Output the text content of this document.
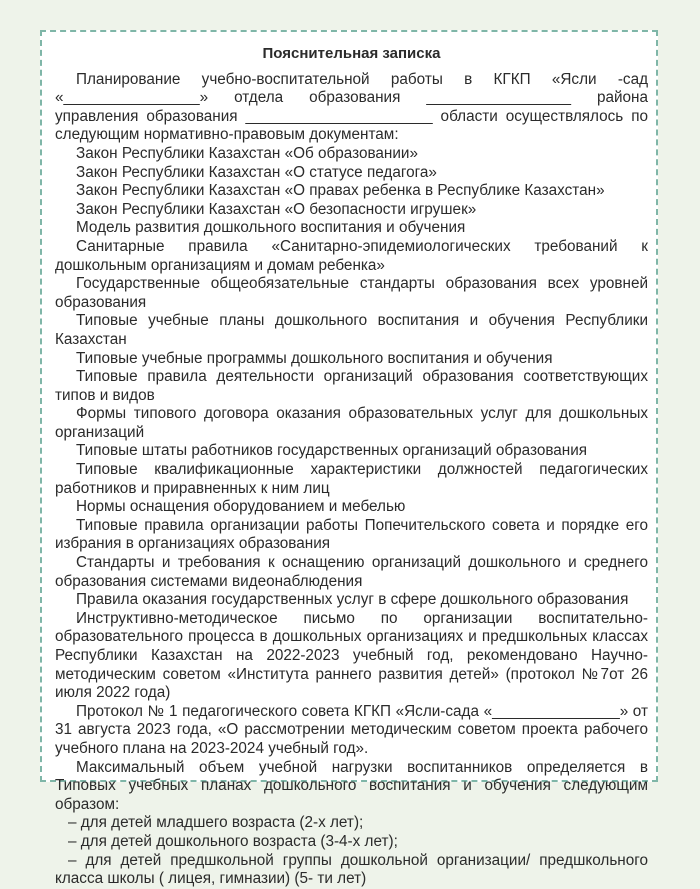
Пояснительная записка

Планирование учебно-воспитательной работы в КГКП «Ясли -сад «________________» отдела образования _________________ района управления образования ______________________ области осуществлялось по следующим нормативно-правовым документам:

Закон Республики Казахстан «Об образовании»

Закон Республики Казахстан «О статусе педагога»

Закон Республики Казахстан «О правах ребенка в Республике Казахстан»

Закон Республики Казахстан «О безопасности игрушек»

Модель развития дошкольного воспитания и обучения

Санитарные правила «Санитарно-эпидемиологических требований к дошкольным организациям и домам ребенка»

Государственные общеобязательные стандарты образования всех уровней образования

Типовые учебные планы дошкольного воспитания и обучения Республики Казахстан

Типовые учебные программы дошкольного воспитания и обучения

Типовые правила деятельности организаций образования соответствующих типов и видов

Формы типового договора оказания образовательных услуг для дошкольных организаций

Типовые штаты работников государственных организаций образования

Типовые квалификационные характеристики должностей педагогических работников и приравненных к ним лиц

Нормы оснащения оборудованием и мебелью

Типовые правила организации работы Попечительского совета и порядке его избрания в организациях образования

Стандарты и требования к оснащению организаций дошкольного и среднего образования системами видеонаблюдения

Правила оказания государственных услуг в сфере дошкольного образования

Инструктивно-методическое письмо по организации воспитательно-образовательного процесса в дошкольных организациях и предшкольных классах Республики Казахстан на 2022-2023 учебный год, рекомендовано Научно-методическим советом «Института раннего развития детей» (протокол №7от 26 июля 2022 года)

Протокол № 1 педагогического совета КГКП «Ясли-сада «_______________» от 31 августа 2023 года, «О рассмотрении методическим советом проекта рабочего учебного плана на 2023-2024 учебный год».

Максимальный объем учебной нагрузки воспитанников определяется в Типовых учебных планах дошкольного воспитания и обучения следующим образом:

– для детей младшего возраста (2-х лет);

– для детей дошкольного возраста (3-4-х лет);

– для детей предшкольной группы дошкольной организации/ предшкольного класса школы ( лицея, гимназии) (5- ти лет)
